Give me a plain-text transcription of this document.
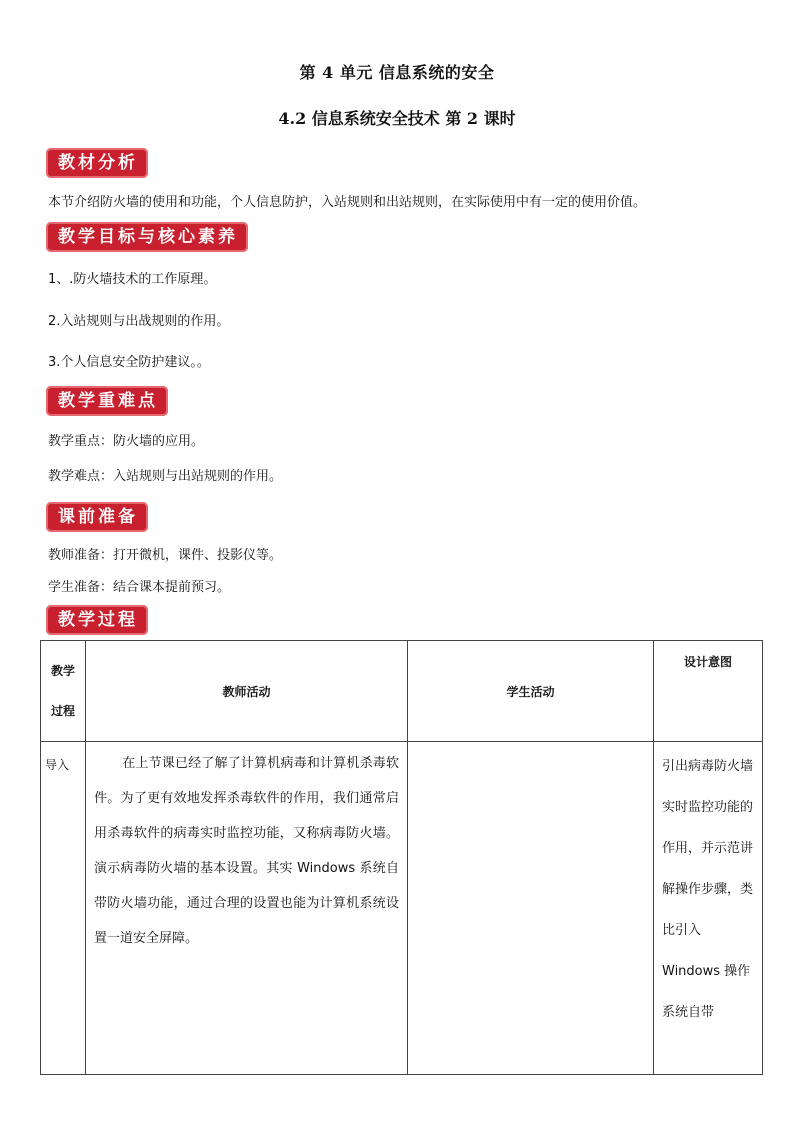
第 4 单元 信息系统的安全
4.2 信息系统安全技术 第 2 课时
教材分析
本节介绍防火墙的使用和功能，个人信息防护，入站规则和出站规则，在实际使用中有一定的使用价值。
教学目标与核心素养
1、.防火墙技术的工作原理。
2.入站规则与出战规则的作用。
3.个人信息安全防护建议。。
教学重难点
教学重点：防火墙的应用。
教学难点：入站规则与出站规则的作用。
课前准备
教师准备：打开微机，课件、投影仪等。
学生准备：结合课本提前预习。
教学过程
教学
过程	教师活动	学生活动	设计意图
导入	在上节课已经了解了计算机病毒和计算机杀毒软件。为了更有效地发挥杀毒软件的作用，我们通常启用杀毒软件的病毒实时监控功能，又称病毒防火墙。演示病毒防火墙的基本设置。其实 Windows 系统自带防火墙功能，通过合理的设置也能为计算机系统设置一道安全屏障。		引出病毒防火墙实时监控功能的作用，并示范讲解操作步骤，类比引入 Windows 操作系统自带
